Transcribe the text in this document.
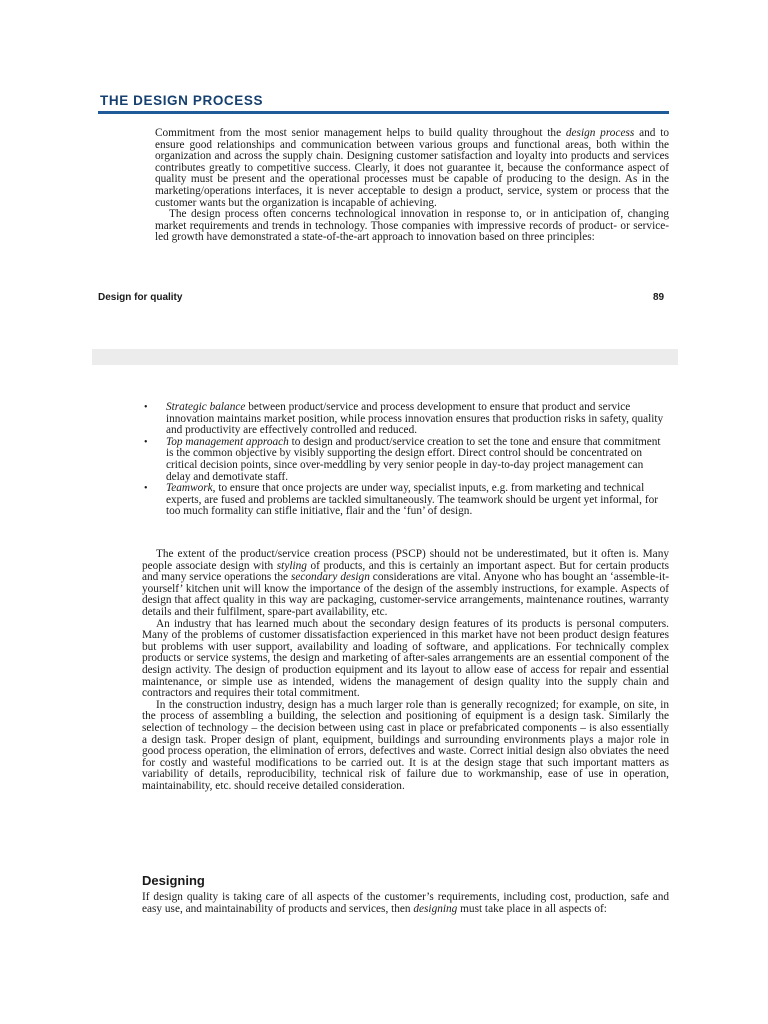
THE DESIGN PROCESS

Commitment from the most senior management helps to build quality throughout the design process and to ensure good relationships and communication between various groups and functional areas, both within the organization and across the supply chain. Designing customer satisfaction and loyalty into products and services contributes greatly to competitive success. Clearly, it does not guarantee it, because the conformance aspect of quality must be present and the operational processes must be capable of producing to the design. As in the marketing/operations interfaces, it is never acceptable to design a product, service, system or process that the customer wants but the organization is incapable of achieving.

The design process often concerns technological innovation in response to, or in anticipation of, changing market requirements and trends in technology. Those companies with impressive records of product- or service-led growth have demonstrated a state-of-the-art approach to innovation based on three principles:

Design for quality	89
• Strategic balance between product/service and process development to ensure that product and service innovation maintains market position, while process innovation ensures that production risks in safety, quality and productivity are effectively controlled and reduced.
• Top management approach to design and product/service creation to set the tone and ensure that commitment is the common objective by visibly supporting the design effort. Direct control should be concentrated on critical decision points, since over-meddling by very senior people in day-to-day project management can delay and demotivate staff.
• Teamwork, to ensure that once projects are under way, specialist inputs, e.g. from marketing and technical experts, are fused and problems are tackled simultaneously. The teamwork should be urgent yet informal, for too much formality can stifle initiative, flair and the ‘fun’ of design.

The extent of the product/service creation process (PSCP) should not be underestimated, but it often is. Many people associate design with styling of products, and this is certainly an important aspect. But for certain products and many service operations the secondary design considerations are vital. Anyone who has bought an ‘assemble-it-yourself’ kitchen unit will know the importance of the design of the assembly instructions, for example. Aspects of design that affect quality in this way are packaging, customer-service arrangements, maintenance routines, warranty details and their fulfilment, spare-part availability, etc.

An industry that has learned much about the secondary design features of its products is personal computers. Many of the problems of customer dissatisfaction experienced in this market have not been product design features but problems with user support, availability and loading of software, and applications. For technically complex products or service systems, the design and marketing of after-sales arrangements are an essential component of the design activity. The design of production equipment and its layout to allow ease of access for repair and essential maintenance, or simple use as intended, widens the management of design quality into the supply chain and contractors and requires their total commitment.

In the construction industry, design has a much larger role than is generally recognized; for example, on site, in the process of assembling a building, the selection and positioning of equipment is a design task. Similarly the selection of technology – the decision between using cast in place or prefabricated components – is also essentially a design task. Proper design of plant, equipment, buildings and surrounding environments plays a major role in good process operation, the elimination of errors, defectives and waste. Correct initial design also obviates the need for costly and wasteful modifications to be carried out. It is at the design stage that such important matters as variability of details, reproducibility, technical risk of failure due to workmanship, ease of use in operation, maintainability, etc. should receive detailed consideration.

Designing

If design quality is taking care of all aspects of the customer’s requirements, including cost, production, safe and easy use, and maintainability of products and services, then designing must take place in all aspects of:
